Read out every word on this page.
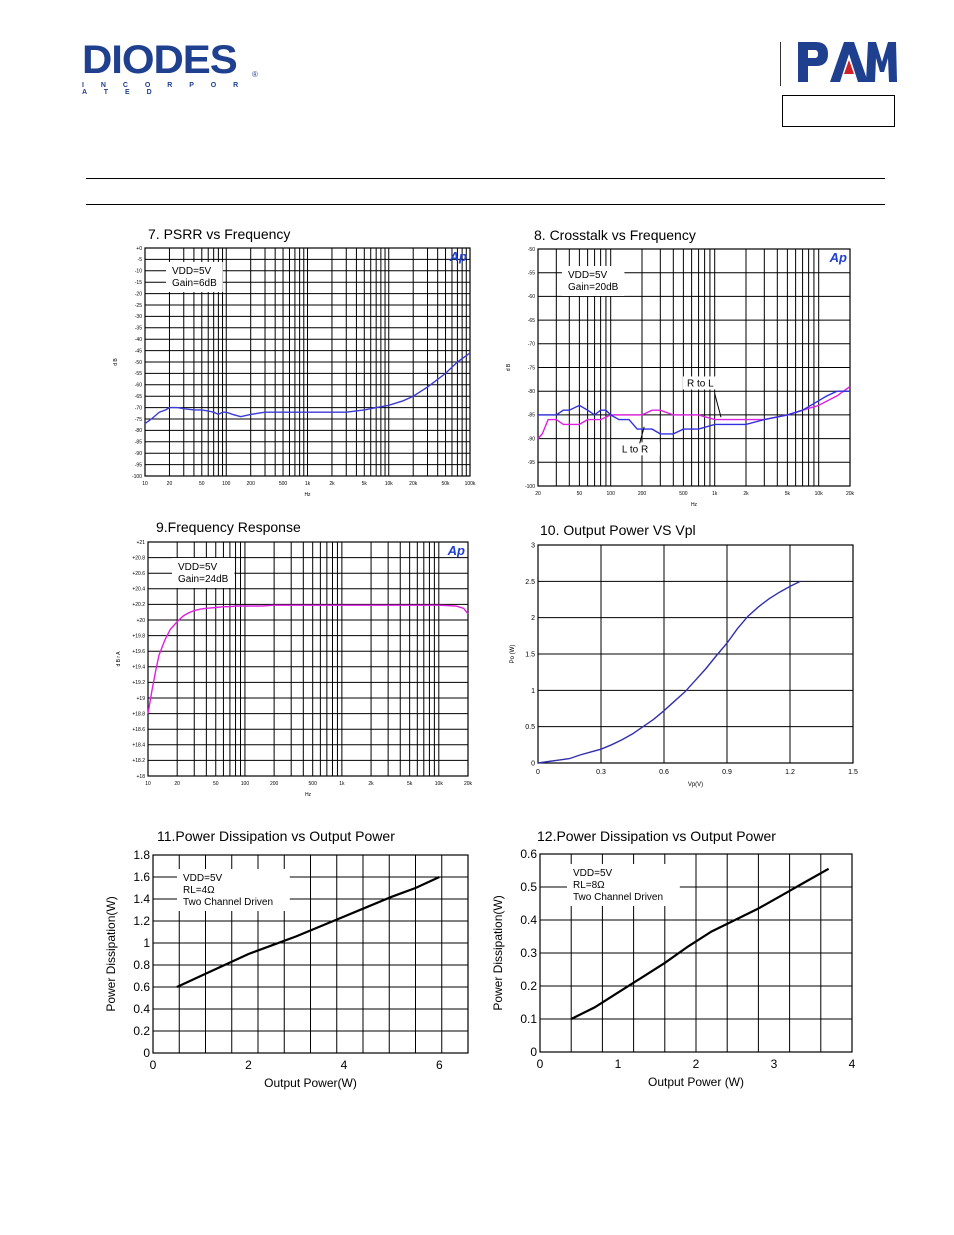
DIODES
I N C O R P O R A T E D
®
7. PSRR vs Frequency
+0
-5
-10
-15
-20
-25
-30
-35
-40
-45
-50
-55
-60
-65
-70
-75
-80
-85
-90
-95
-100
10	20	50	100	200	500	1k	2k	5k	10k	20k	50k	100k
Hz
d B
VDD=5V
Gain=6dB
Ap
8. Crosstalk vs Frequency
-50
-55
-60
-65
-70
-75
-80
-85
-90
-95
-100
20	50	100	200	500	1k	2k	5k	10k	20k
Hz
d B
VDD=5V
Gain=20dB
Ap
R to L
L to R
9.Frequency Response
+21
+20.8
+20.6
+20.4
+20.2
+20
+19.8
+19.6
+19.4
+19.2
+19
+18.8
+18.6
+18.4
+18.2
+18
10	20	50	100	200	500	1k	2k	5k	10k	20k
Hz
d B r A
VDD=5V
Gain=24dB
Ap
10. Output Power VS Vpl
0
0.5
1
1.5
2
2.5
3
0	0.3	0.6	0.9	1.2	1.5
Vp(V)
Po (W)
11.Power Dissipation vs Output Power
0
0.2
0.4
0.6
0.8
1
1.2
1.4
1.6
1.8
0	2	4	6
Output Power(W)
Power Dissipation(W)
VDD=5V
RL=4Ω
Two Channel Driven
12.Power Dissipation vs Output Power
0
0.1
0.2
0.3
0.4
0.5
0.6
0	1	2	3	4
Output Power (W)
Power Dissipation(W)
VDD=5V
RL=8Ω
Two Channel Driven
